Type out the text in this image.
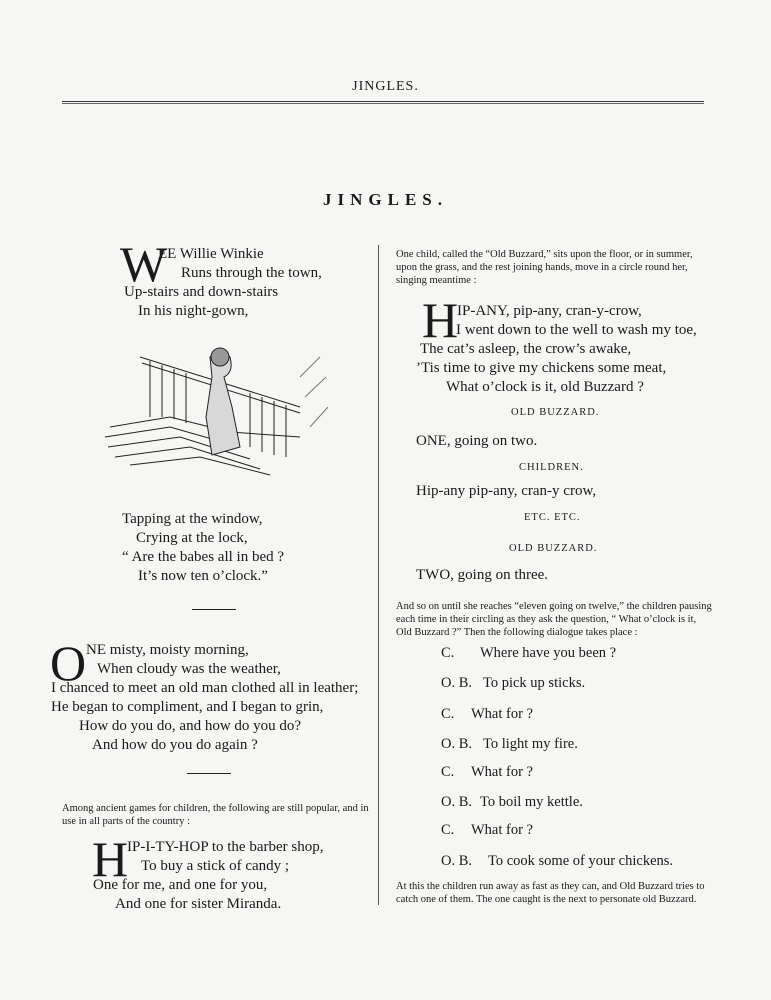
JINGLES.
JINGLES.
W
EE Willie Winkie
Runs through the town,
Up-stairs and down-stairs
In his night-gown,
Tapping at the window,
Crying at the lock,
“ Are the babes all in bed ?
It’s now ten o’clock.”
O NE misty, moisty morning,
When cloudy was the weather,
I chanced to meet an old man clothed all in leather;
He began to compliment, and I began to grin,
How do you do, and how do you do?
And how do you do again ?
Among ancient games for children, the following are still popular, and in use in all parts of the country :
H
IP-I-TY-HOP to the barber shop,
To buy a stick of candy ;
One for me, and one for you,
And one for sister Miranda.
One child, called the “Old Buzzard,” sits upon the floor, or in summer, upon the grass, and the rest joining hands, move in a circle round her, singing meantime :
H
IP-ANY, pip-any, cran-y-crow,
I went down to the well to wash my toe,
The cat’s asleep, the crow’s awake,
’Tis time to give my chickens some meat,
What o’clock is it, old Buzzard ?
OLD BUZZARD.
ONE, going on two.
CHILDREN.
Hip-any pip-any, cran-y crow,
ETC. ETC.
OLD BUZZARD.
TWO, going on three.
And so on until she reaches “eleven going on twelve,” the children pausing each time in their circling as they ask the question, “ What o’clock is it, Old Buzzard ?” Then the following dialogue takes place :
C. Where have you been ?
O. B. To pick up sticks.
C. What for ?
O. B. To light my fire.
C. What for ?
O. B. To boil my kettle.
C. What for ?
O. B. To cook some of your chickens.
At this the children run away as fast as they can, and Old Buzzard tries to catch one of them. The one caught is the next to personate old Buzzard.
